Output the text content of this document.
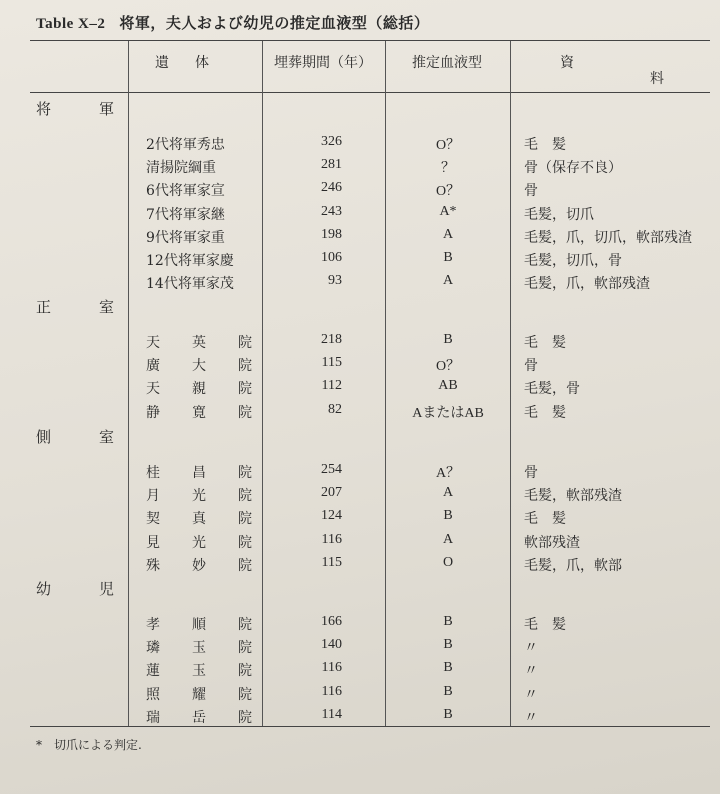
Table X–2 将軍，夫人および幼児の推定血液型（総括）
遺体	埋葬期間（年）	推定血液型	資
料
将	軍
2代将軍秀忠	326	O？	毛　髪
清揚院綱重	281	？	骨（保存不良）
6代将軍家宣	246	O？	骨
7代将軍家継	243	A*	毛髪，切爪
9代将軍家重	198	A	毛髪，爪，切爪，軟部残渣
12代将軍家慶	106	B	毛髪，切爪，骨
14代将軍家茂	93	A	毛髪，爪，軟部残渣
正	室
天 英 院	218	B	毛　髪
廣 大 院	115	O？	骨
天 親 院	112	AB	毛髪，骨
静 寛 院	82	AまたはAB	毛　髪
側	室
桂 昌 院	254	A？	骨
月 光 院	207	A	毛髪，軟部残渣
契 真 院	124	B	毛　髪
見 光 院	116	A	軟部残渣
殊 妙 院	115	O	毛髪，爪，軟部
幼	児
孝 順 院	166	B	毛　髪
璘 玉 院	140	B	〃
蓮 玉 院	116	B	〃
照 耀 院	116	B	〃
瑞 岳 院	114	B	〃
*　切爪による判定.
